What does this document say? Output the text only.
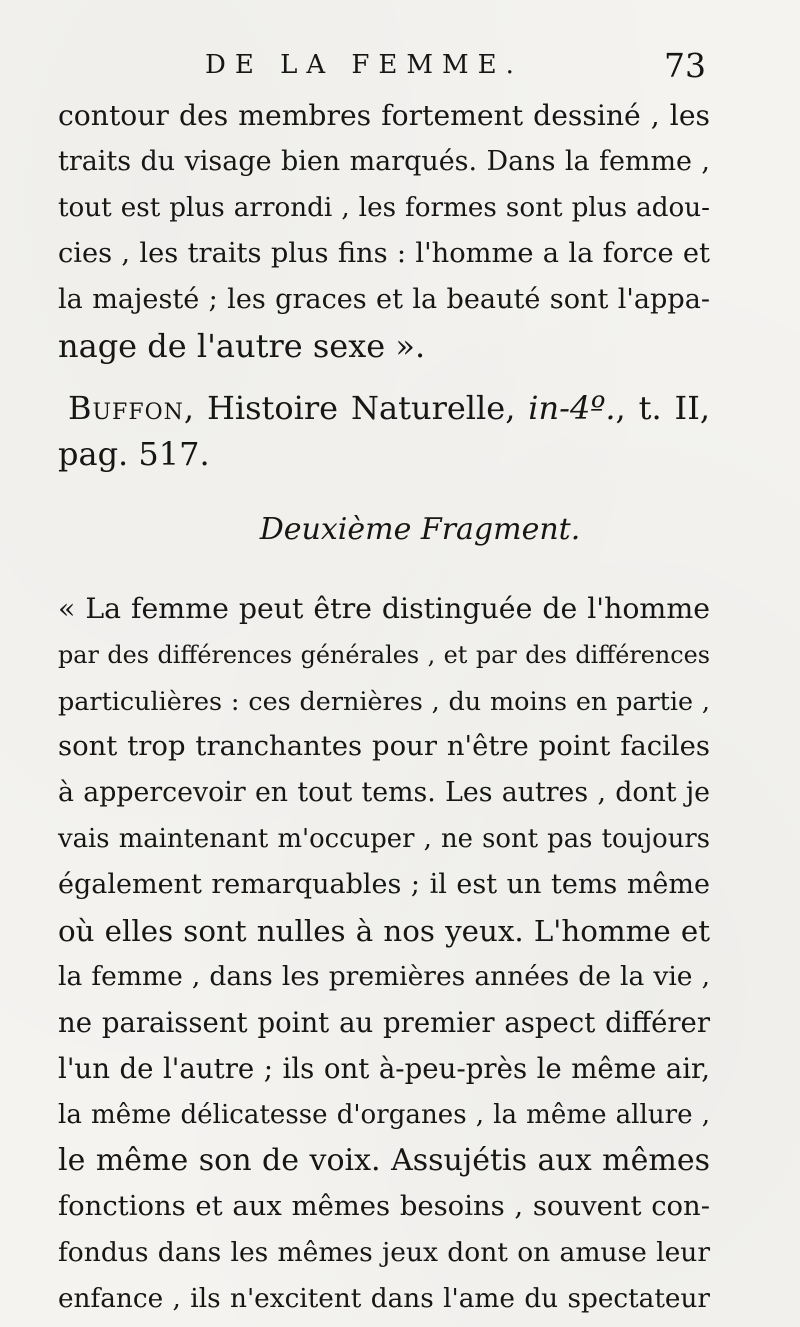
DE LA FEMME.	73
contour des membres fortement dessiné , les
traits du visage bien marqués. Dans la femme ,
tout est plus arrondi , les formes sont plus adou-
cies , les traits plus fins : l'homme a la force et
la majesté ; les graces et la beauté sont l'appa-
nage de l'autre sexe ».
Buffon, Histoire Naturelle, in-4º., t. II,
pag. 517.
Deuxième Fragment.
« La femme peut être distinguée de l'homme
par des différences générales , et par des différences
particulières : ces dernières , du moins en partie ,
sont trop tranchantes pour n'être point faciles
à appercevoir en tout tems. Les autres , dont je
vais maintenant m'occuper , ne sont pas toujours
également remarquables ; il est un tems même
où elles sont nulles à nos yeux. L'homme et
la femme , dans les premières années de la vie ,
ne paraissent point au premier aspect différer
l'un de l'autre ; ils ont à-peu-près le même air,
la même délicatesse d'organes , la même allure ,
le même son de voix. Assujétis aux mêmes
fonctions et aux mêmes besoins , souvent con-
fondus dans les mêmes jeux dont on amuse leur
enfance , ils n'excitent dans l'ame du spectateur
